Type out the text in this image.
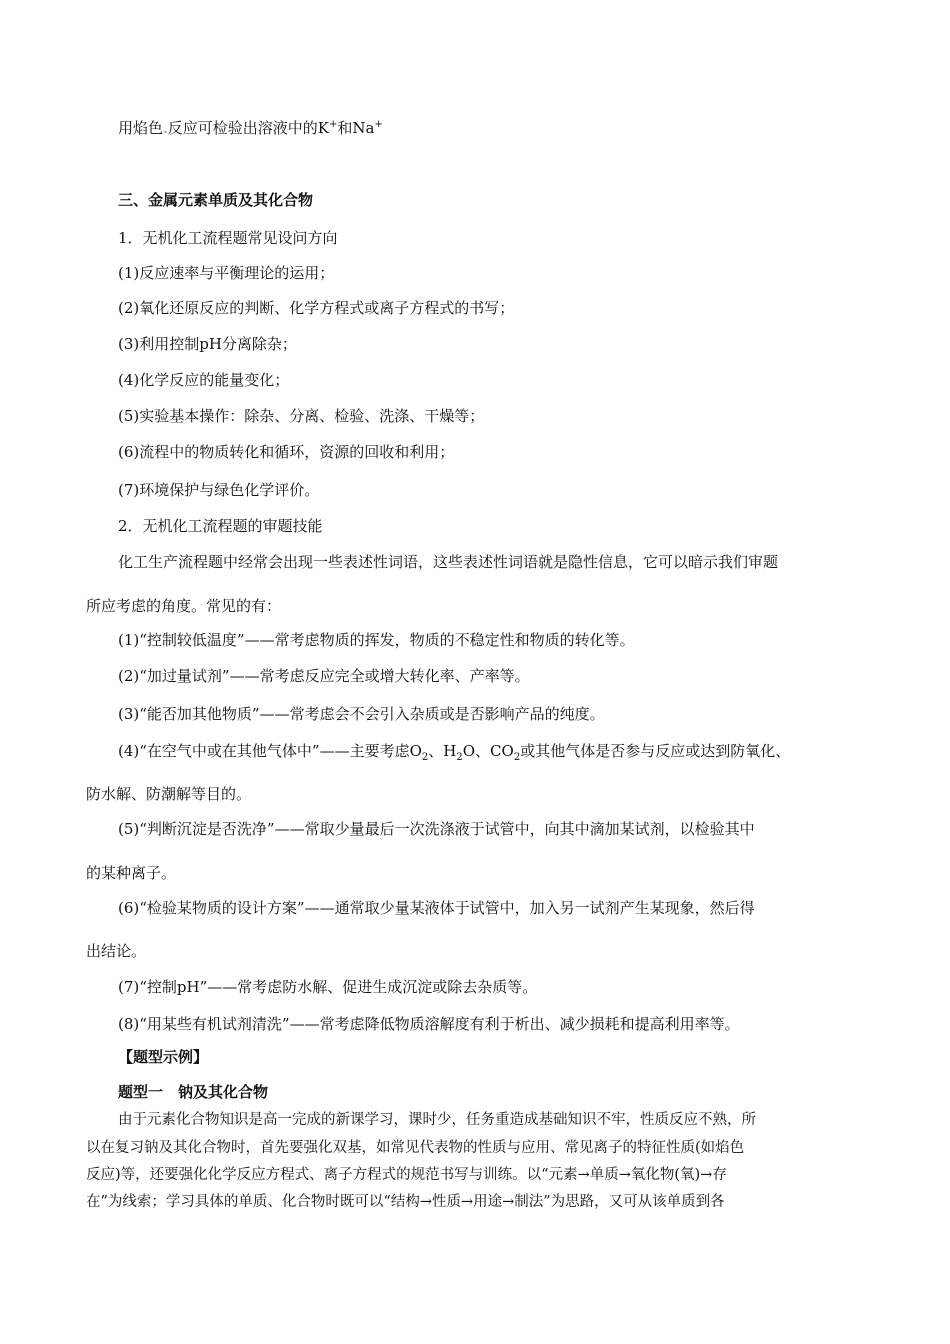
用焰色.反应可检验出溶液中的K+和Na+
三、金属元素单质及其化合物
1．无机化工流程题常见设问方向
(1)反应速率与平衡理论的运用；
(2)氧化还原反应的判断、化学方程式或离子方程式的书写；
(3)利用控制pH分离除杂；
(4)化学反应的能量变化；
(5)实验基本操作：除杂、分离、检验、洗涤、干燥等；
(6)流程中的物质转化和循环，资源的回收和利用；
(7)环境保护与绿色化学评价。
2．无机化工流程题的审题技能
化工生产流程题中经常会出现一些表述性词语，这些表述性词语就是隐性信息，它可以暗示我们审题
所应考虑的角度。常见的有：
(1)“控制较低温度”——常考虑物质的挥发，物质的不稳定性和物质的转化等。
(2)“加过量试剂”——常考虑反应完全或增大转化率、产率等。
(3)“能否加其他物质”——常考虑会不会引入杂质或是否影响产品的纯度。
(4)“在空气中或在其他气体中”——主要考虑$O_2$、$H_2O$、$CO_2$或其他气体是否参与反应或达到防氧化、
防水解、防潮解等目的。
(5)“判断沉淀是否洗净”——常取少量最后一次洗涤液于试管中，向其中滴加某试剂，以检验其中
的某种离子。
(6)“检验某物质的设计方案”——通常取少量某液体于试管中，加入另一试剂产生某现象，然后得
出结论。
(7)“控制pH”——常考虑防水解、促进生成沉淀或除去杂质等。
(8)“用某些有机试剂清洗”——常考虑降低物质溶解度有利于析出、减少损耗和提高利用率等。
【题型示例】
题型一　钠及其化合物
由于元素化合物知识是高一完成的新课学习，课时少，任务重造成基础知识不牢，性质反应不熟，所
以在复习钠及其化合物时，首先要强化双基，如常见代表物的性质与应用、常见离子的特征性质(如焰色
反应)等，还要强化化学反应方程式、离子方程式的规范书写与训练。以“元素→单质→氧化物(氧)→存
在”为线索；学习具体的单质、化合物时既可以“结构→性质→用途→制法”为思路，又可从该单质到各
